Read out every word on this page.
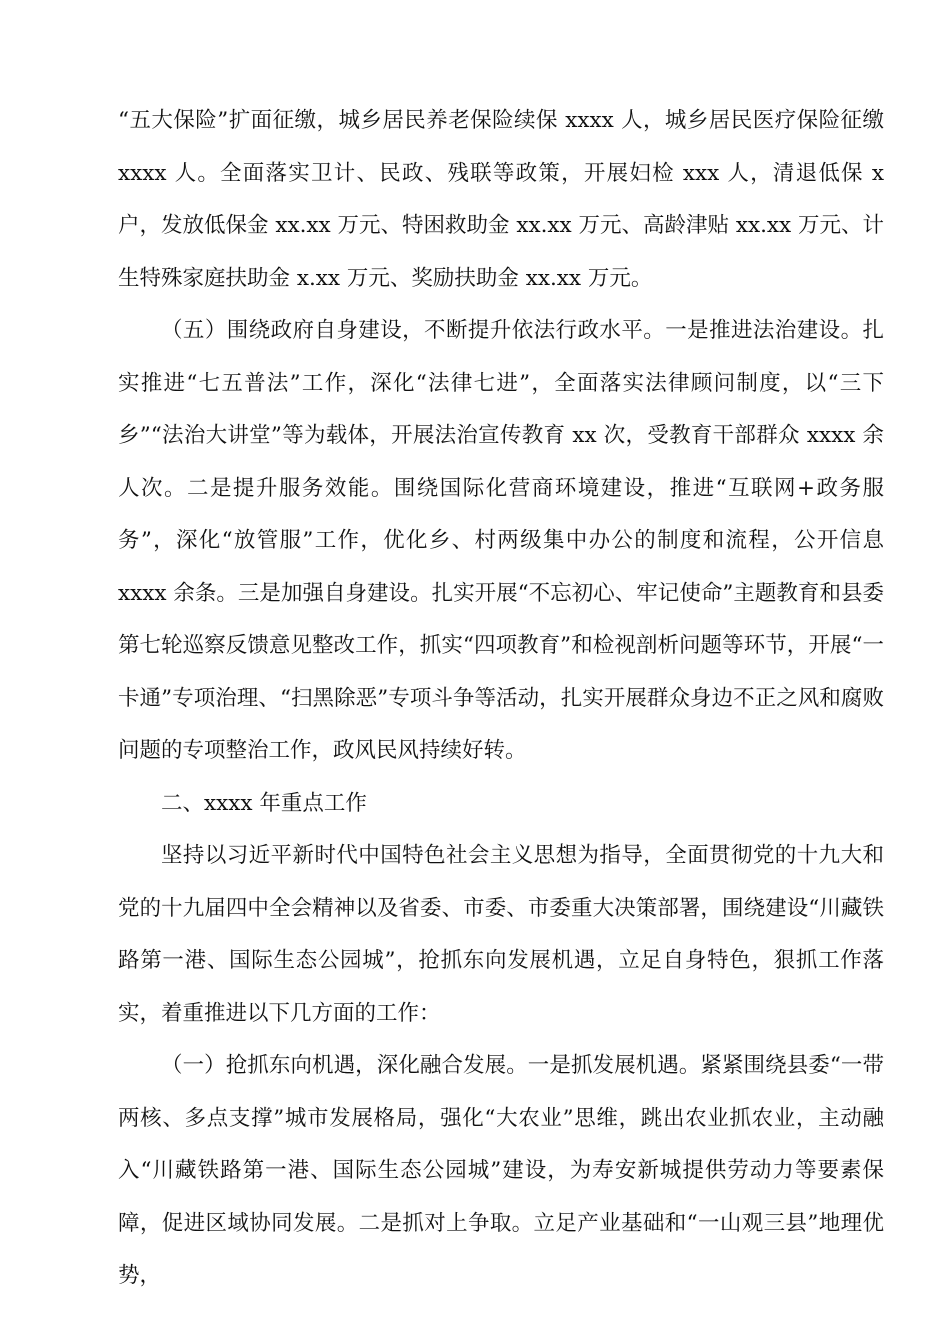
“五大保险”扩面征缴，城乡居民养老保险续保 xxxx 人，城乡居民医疗保险征缴 xxxx 人。全面落实卫计、民政、残联等政策，开展妇检 xxx 人，清退低保 x 户，发放低保金 xx.xx 万元、特困救助金 xx.xx 万元、高龄津贴 xx.xx 万元、计生特殊家庭扶助金 x.xx 万元、奖励扶助金 xx.xx 万元。

（五）围绕政府自身建设，不断提升依法行政水平。一是推进法治建设。扎实推进“七五普法”工作，深化“法律七进”，全面落实法律顾问制度，以“三下乡”“法治大讲堂”等为载体，开展法治宣传教育 xx 次，受教育干部群众 xxxx 余人次。二是提升服务效能。围绕国际化营商环境建设，推进“互联网+政务服务”，深化“放管服”工作，优化乡、村两级集中办公的制度和流程，公开信息 xxxx 余条。三是加强自身建设。扎实开展“不忘初心、牢记使命”主题教育和县委第七轮巡察反馈意见整改工作，抓实“四项教育”和检视剖析问题等环节，开展“一卡通”专项治理、“扫黑除恶”专项斗争等活动，扎实开展群众身边不正之风和腐败问题的专项整治工作，政风民风持续好转。

二、xxxx 年重点工作

坚持以习近平新时代中国特色社会主义思想为指导，全面贯彻党的十九大和党的十九届四中全会精神以及省委、市委、市委重大决策部署，围绕建设“川藏铁路第一港、国际生态公园城”，抢抓东向发展机遇，立足自身特色，狠抓工作落实，着重推进以下几方面的工作：

（一）抢抓东向机遇，深化融合发展。一是抓发展机遇。紧紧围绕县委“一带两核、多点支撑”城市发展格局，强化“大农业”思维，跳出农业抓农业，主动融入“川藏铁路第一港、国际生态公园城”建设，为寿安新城提供劳动力等要素保障，促进区域协同发展。二是抓对上争取。立足产业基础和“一山观三县”地理优势，
